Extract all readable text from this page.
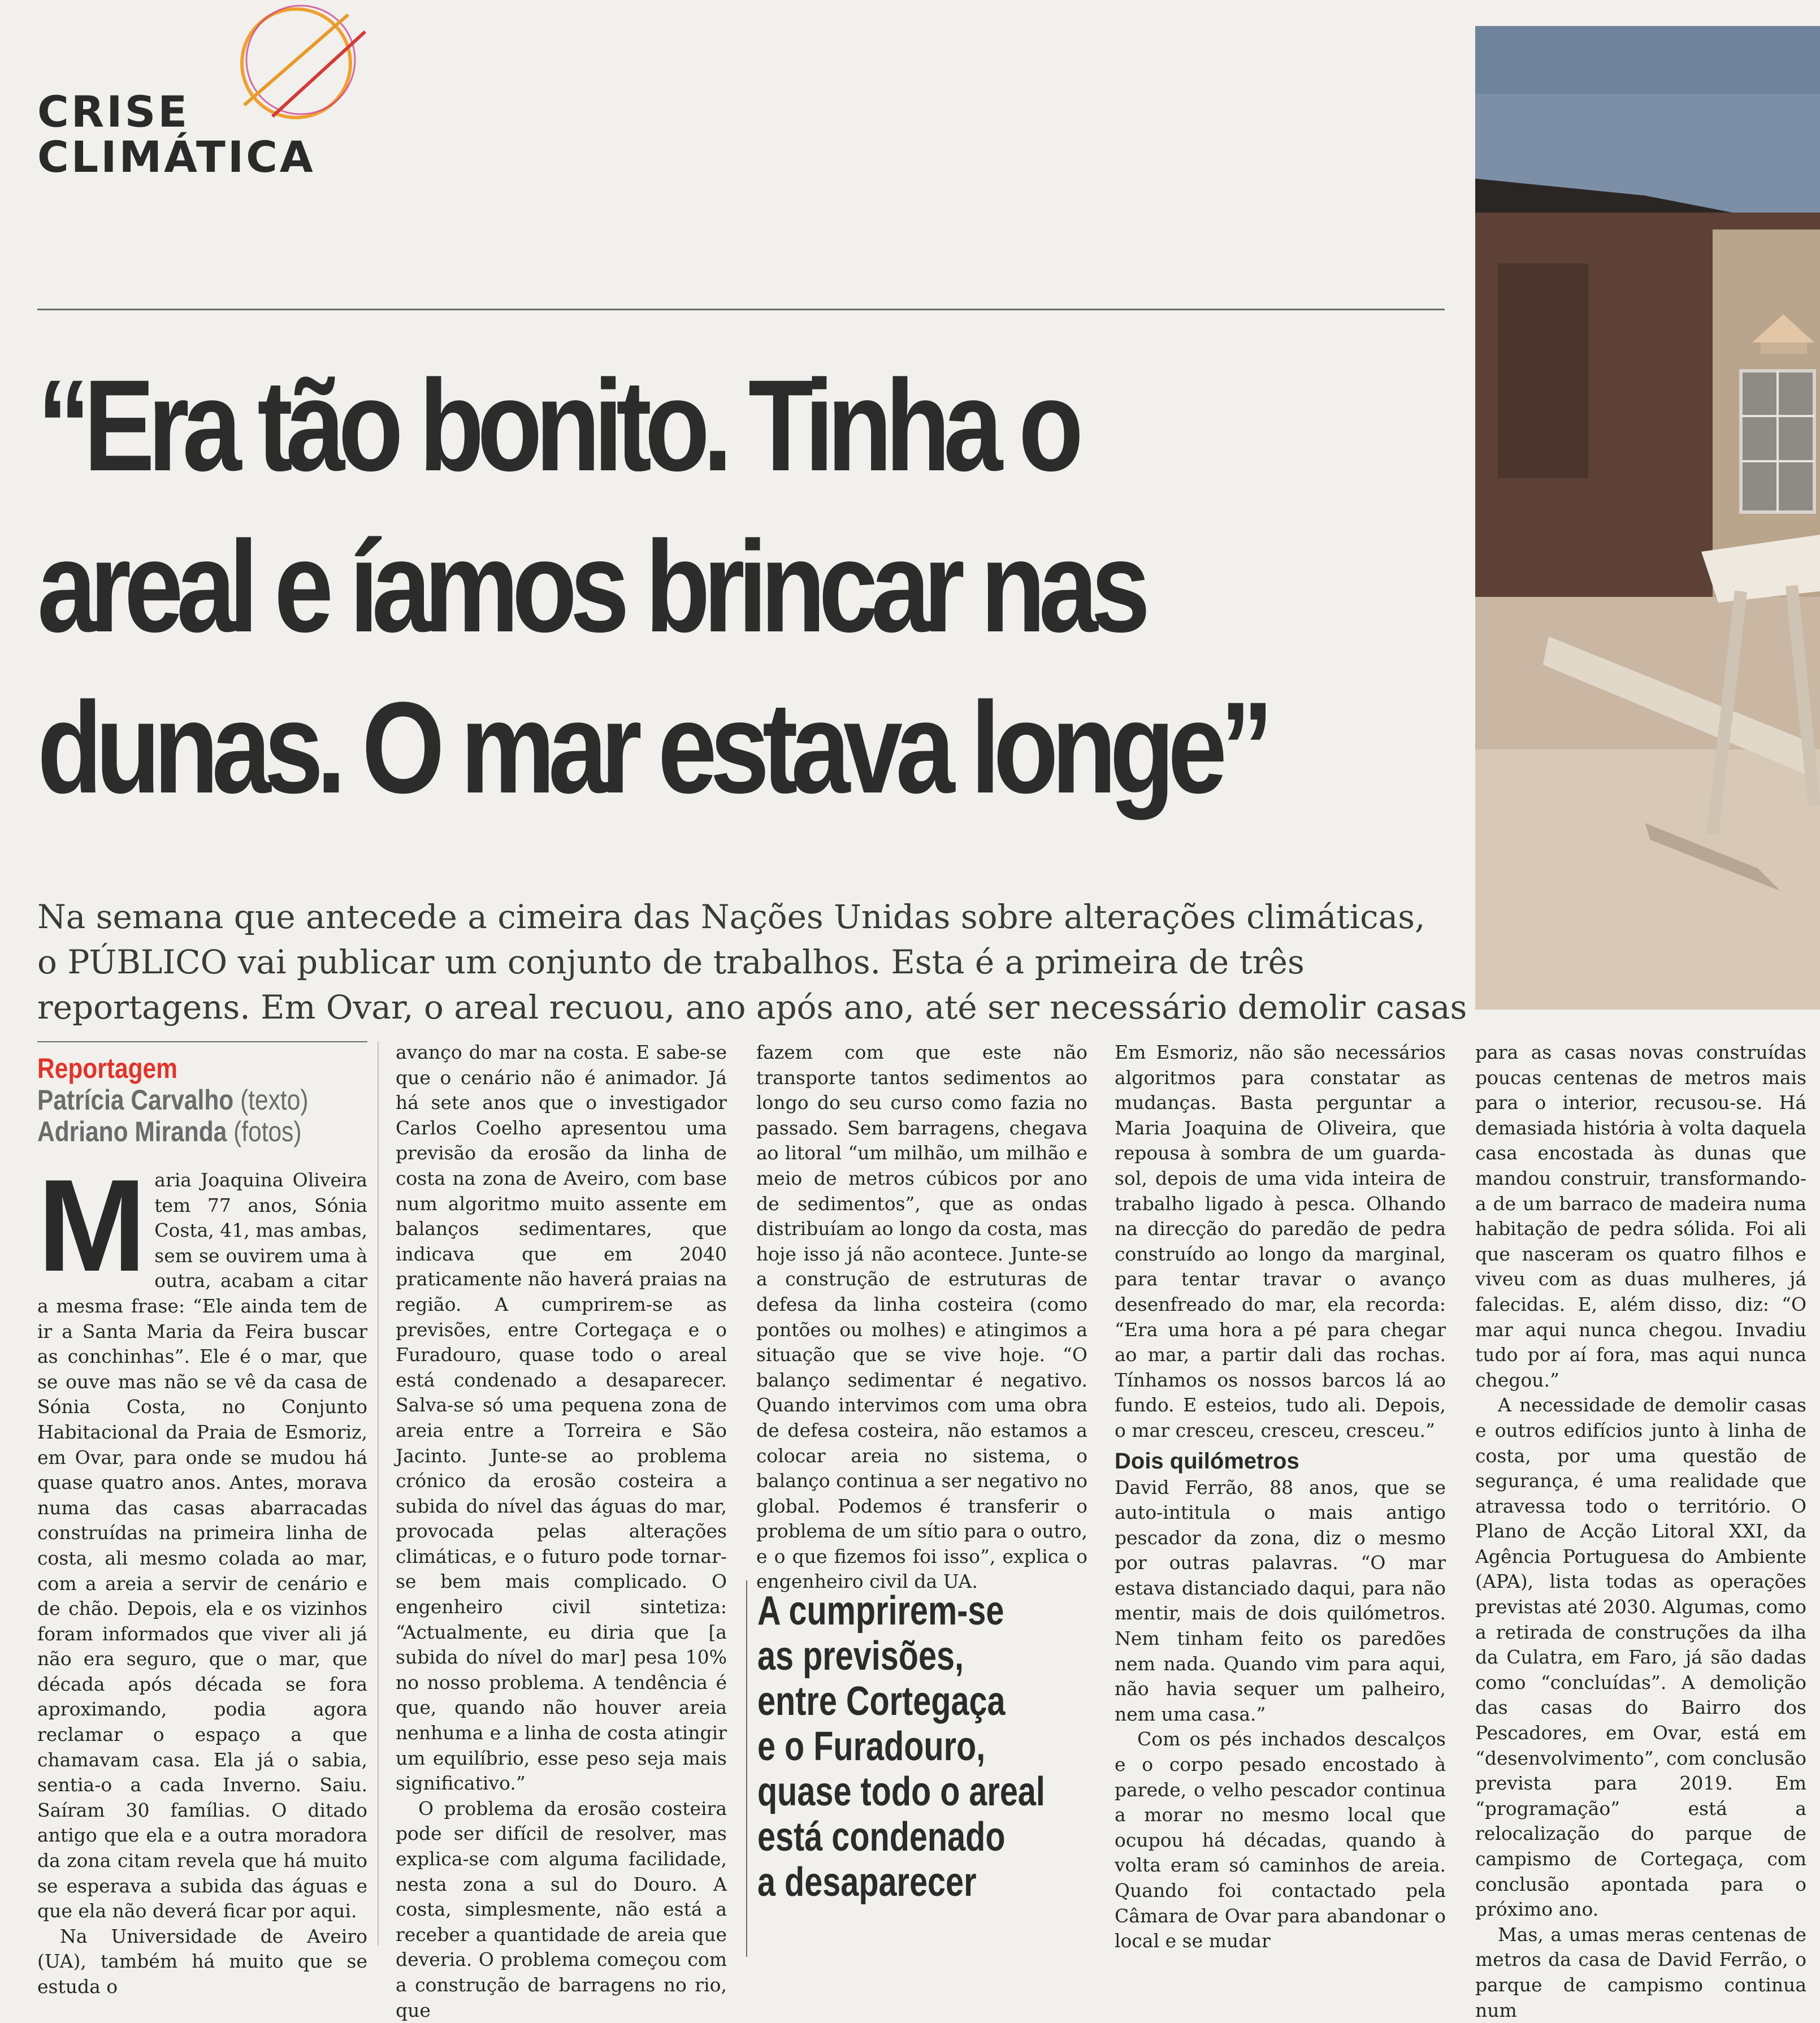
CRISE
CLIMÁTICA
“Era tão bonito. Tinha o
areal e íamos brincar nas
dunas. O mar estava longe”

Na semana que antecede a cimeira das Nações Unidas sobre alterações climáticas,
o PÚBLICO vai publicar um conjunto de trabalhos. Esta é a primeira de três
reportagens. Em Ovar, o areal recuou, ano após ano, até ser necessário demolir casas

Reportagem
Patrícia Carvalho (texto)
Adriano Miranda (fotos)
M aria Joaquina Oliveira tem 77 anos, Sónia Costa, 41, mas ambas, sem se ouvirem uma à outra, acabam a citar a mesma frase: “Ele ainda tem de ir a Santa Maria da Feira buscar as conchinhas”. Ele é o mar, que se ouve mas não se vê da casa de Sónia Costa, no Conjunto Habitacional da Praia de Esmoriz, em Ovar, para onde se mudou há quase quatro anos. Antes, morava numa das casas abarracadas construídas na primeira linha de costa, ali mesmo colada ao mar, com a areia a servir de cenário e de chão. Depois, ela e os vizinhos foram informados que viver ali já não era seguro, que o mar, que década após década se fora aproximando, podia agora reclamar o espaço a que chamavam casa. Ela já o sabia, sentia-o a cada Inverno. Saiu. Saíram 30 famílias. O ditado antigo que ela e a outra moradora da zona citam revela que há muito se esperava a subida das águas e que ela não deverá ficar por aqui.

Na Universidade de Aveiro (UA), também há muito que se estuda o

avanço do mar na costa. E sabe-se que o cenário não é animador. Já há sete anos que o investigador Carlos Coelho apresentou uma previsão da erosão da linha de costa na zona de Aveiro, com base num algoritmo muito assente em balanços sedimentares, que indicava que em 2040 praticamente não haverá praias na região. A cumprirem-se as previsões, entre Cortegaça e o Furadouro, quase todo o areal está condenado a desaparecer. Salva-se só uma pequena zona de areia entre a Torreira e São Jacinto. Junte-se ao problema crónico da erosão costeira a subida do nível das águas do mar, provocada pelas alterações climáticas, e o futuro pode tornar-se bem mais complicado. O engenheiro civil sintetiza: “Actualmente, eu diria que [a subida do nível do mar] pesa 10% no nosso problema. A tendência é que, quando não houver areia nenhuma e a linha de costa atingir um equilíbrio, esse peso seja mais significativo.”

O problema da erosão costeira pode ser difícil de resolver, mas explica-se com alguma facilidade, nesta zona a sul do Douro. A costa, simplesmente, não está a receber a quantidade de areia que deveria. O problema começou com a construção de barragens no rio, que

fazem com que este não transporte tantos sedimentos ao longo do seu curso como fazia no passado. Sem barragens, chegava ao litoral “um milhão, um milhão e meio de metros cúbicos por ano de sedimentos”, que as ondas distribuíam ao longo da costa, mas hoje isso já não acontece. Junte-se a construção de estruturas de defesa da linha costeira (como pontões ou molhes) e atingimos a situação que se vive hoje. “O balanço sedimentar é negativo. Quando intervimos com uma obra de defesa costeira, não estamos a colocar areia no sistema, o balanço continua a ser negativo no global. Podemos é transferir o problema de um sítio para o outro, e o que fizemos foi isso”, explica o engenheiro civil da UA.

A cumprirem-se
as previsões,
entre Cortegaça
e o Furadouro,
quase todo o areal
está condenado
a desaparecer

Em Esmoriz, não são necessários algoritmos para constatar as mudanças. Basta perguntar a Maria Joaquina de Oliveira, que repousa à sombra de um guarda-sol, depois de uma vida inteira de trabalho ligado à pesca. Olhando na direcção do paredão de pedra construído ao longo da marginal, para tentar travar o avanço desenfreado do mar, ela recorda: “Era uma hora a pé para chegar ao mar, a partir dali das rochas. Tínhamos os nossos barcos lá ao fundo. E esteios, tudo ali. Depois, o mar cresceu, cresceu, cresceu.”

Dois quilómetros

David Ferrão, 88 anos, que se auto-intitula o mais antigo pescador da zona, diz o mesmo por outras palavras. “O mar estava distanciado daqui, para não mentir, mais de dois quilómetros. Nem tinham feito os paredões nem nada. Quando vim para aqui, não havia sequer um palheiro, nem uma casa.”

Com os pés inchados descalços e o corpo pesado encostado à parede, o velho pescador continua a morar no mesmo local que ocupou há décadas, quando à volta eram só caminhos de areia. Quando foi contactado pela Câmara de Ovar para abandonar o local e se mudar

para as casas novas construídas poucas centenas de metros mais para o interior, recusou-se. Há demasiada história à volta daquela casa encostada às dunas que mandou construir, transformando-a de um barraco de madeira numa habitação de pedra sólida. Foi ali que nasceram os quatro filhos e viveu com as duas mulheres, já falecidas. E, além disso, diz: “O mar aqui nunca chegou. Invadiu tudo por aí fora, mas aqui nunca chegou.”

A necessidade de demolir casas e outros edifícios junto à linha de costa, por uma questão de segurança, é uma realidade que atravessa todo o território. O Plano de Acção Litoral XXI, da Agência Portuguesa do Ambiente (APA), lista todas as operações previstas até 2030. Algumas, como a retirada de construções da ilha da Culatra, em Faro, já são dadas como “concluídas”. A demolição das casas do Bairro dos Pescadores, em Ovar, está em “desenvolvimento”, com conclusão prevista para 2019. Em “programação” está a relocalização do parque de campismo de Cortegaça, com conclusão apontada para o próximo ano.

Mas, a umas meras centenas de metros da casa de David Ferrão, o parque de campismo continua num
